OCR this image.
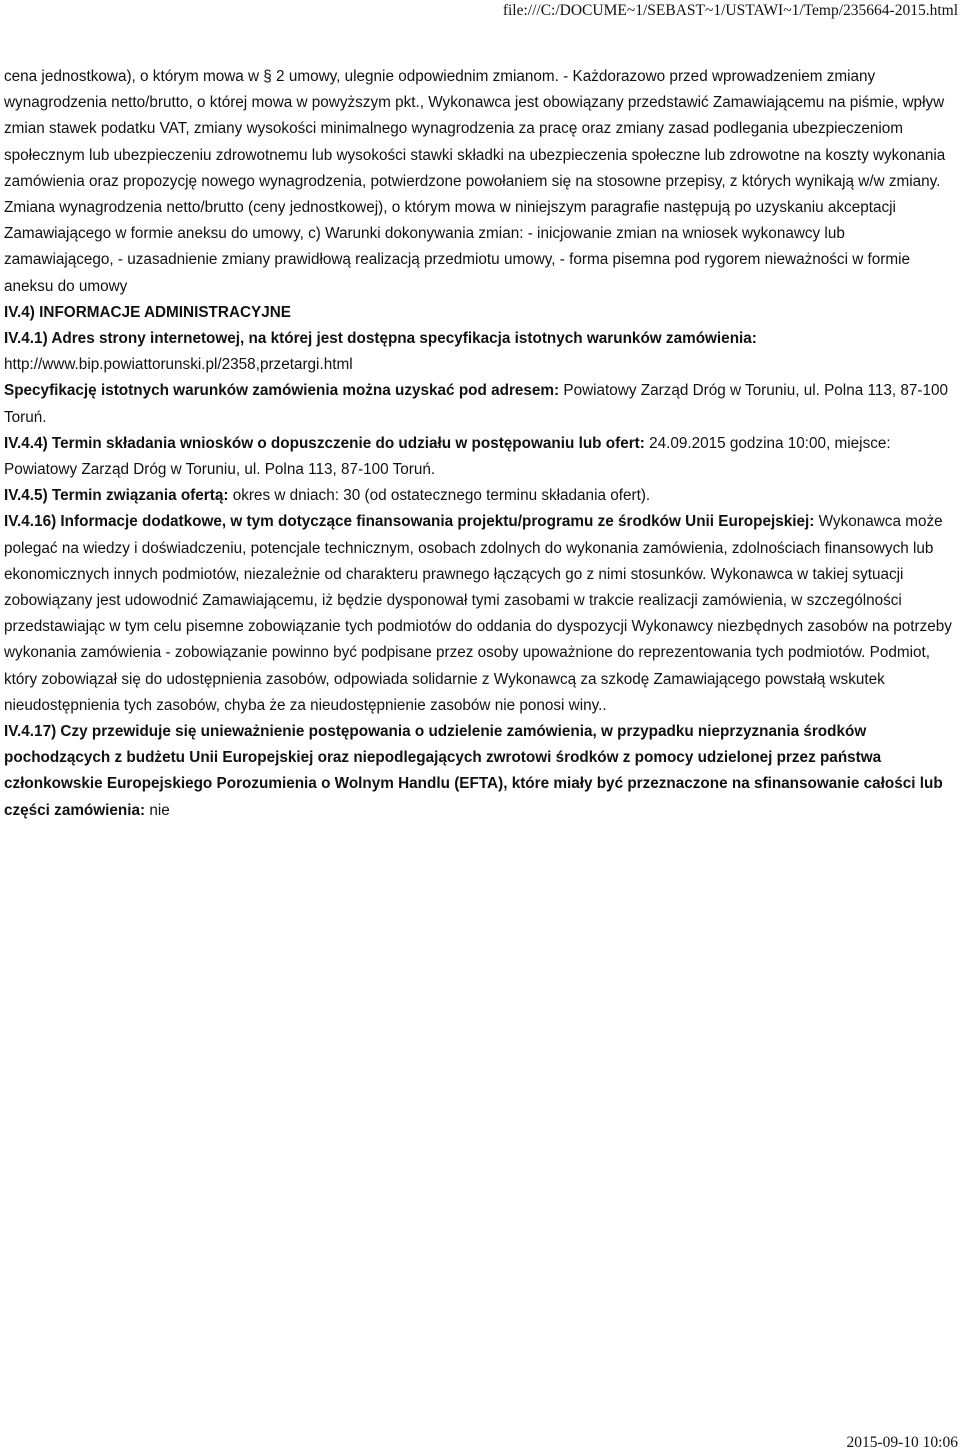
file:///C:/DOCUME~1/SEBAST~1/USTAWI~1/Temp/235664-2015.html

cena jednostkowa), o którym mowa w § 2 umowy, ulegnie odpowiednim zmianom. - Każdorazowo przed wprowadzeniem zmiany wynagrodzenia netto/brutto, o której mowa w powyższym pkt., Wykonawca jest obowiązany przedstawić Zamawiającemu na piśmie, wpływ zmian stawek podatku VAT, zmiany wysokości minimalnego wynagrodzenia za pracę oraz zmiany zasad podlegania ubezpieczeniom społecznym lub ubezpieczeniu zdrowotnemu lub wysokości stawki składki na ubezpieczenia społeczne lub zdrowotne na koszty wykonania zamówienia oraz propozycję nowego wynagrodzenia, potwierdzone powołaniem się na stosowne przepisy, z których wynikają w/w zmiany. Zmiana wynagrodzenia netto/brutto (ceny jednostkowej), o którym mowa w niniejszym paragrafie następują po uzyskaniu akceptacji Zamawiającego w formie aneksu do umowy, c) Warunki dokonywania zmian: - inicjowanie zmian na wniosek wykonawcy lub zamawiającego, - uzasadnienie zmiany prawidłową realizacją przedmiotu umowy, - forma pisemna pod rygorem nieważności w formie aneksu do umowy

IV.4) INFORMACJE ADMINISTRACYJNE

IV.4.1) Adres strony internetowej, na której jest dostępna specyfikacja istotnych warunków zamówienia: http://www.bip.powiattorunski.pl/2358,przetargi.html

Specyfikację istotnych warunków zamówienia można uzyskać pod adresem: Powiatowy Zarząd Dróg w Toruniu, ul. Polna 113, 87-100 Toruń.

IV.4.4) Termin składania wniosków o dopuszczenie do udziału w postępowaniu lub ofert: 24.09.2015 godzina 10:00, miejsce: Powiatowy Zarząd Dróg w Toruniu, ul. Polna 113, 87-100 Toruń.

IV.4.5) Termin związania ofertą: okres w dniach: 30 (od ostatecznego terminu składania ofert).

IV.4.16) Informacje dodatkowe, w tym dotyczące finansowania projektu/programu ze środków Unii Europejskiej: Wykonawca może polegać na wiedzy i doświadczeniu, potencjale technicznym, osobach zdolnych do wykonania zamówienia, zdolnościach finansowych lub ekonomicznych innych podmiotów, niezależnie od charakteru prawnego łączących go z nimi stosunków. Wykonawca w takiej sytuacji zobowiązany jest udowodnić Zamawiającemu, iż będzie dysponował tymi zasobami w trakcie realizacji zamówienia, w szczególności przedstawiając w tym celu pisemne zobowiązanie tych podmiotów do oddania do dyspozycji Wykonawcy niezbędnych zasobów na potrzeby wykonania zamówienia - zobowiązanie powinno być podpisane przez osoby upoważnione do reprezentowania tych podmiotów. Podmiot, który zobowiązał się do udostępnienia zasobów, odpowiada solidarnie z Wykonawcą za szkodę Zamawiającego powstałą wskutek nieudostępnienia tych zasobów, chyba że za nieudostępnienie zasobów nie ponosi winy..

IV.4.17) Czy przewiduje się unieważnienie postępowania o udzielenie zamówienia, w przypadku nieprzyznania środków pochodzących z budżetu Unii Europejskiej oraz niepodlegających zwrotowi środków z pomocy udzielonej przez państwa członkowskie Europejskiego Porozumienia o Wolnym Handlu (EFTA), które miały być przeznaczone na sfinansowanie całości lub części zamówienia: nie

2015-09-10 10:06
